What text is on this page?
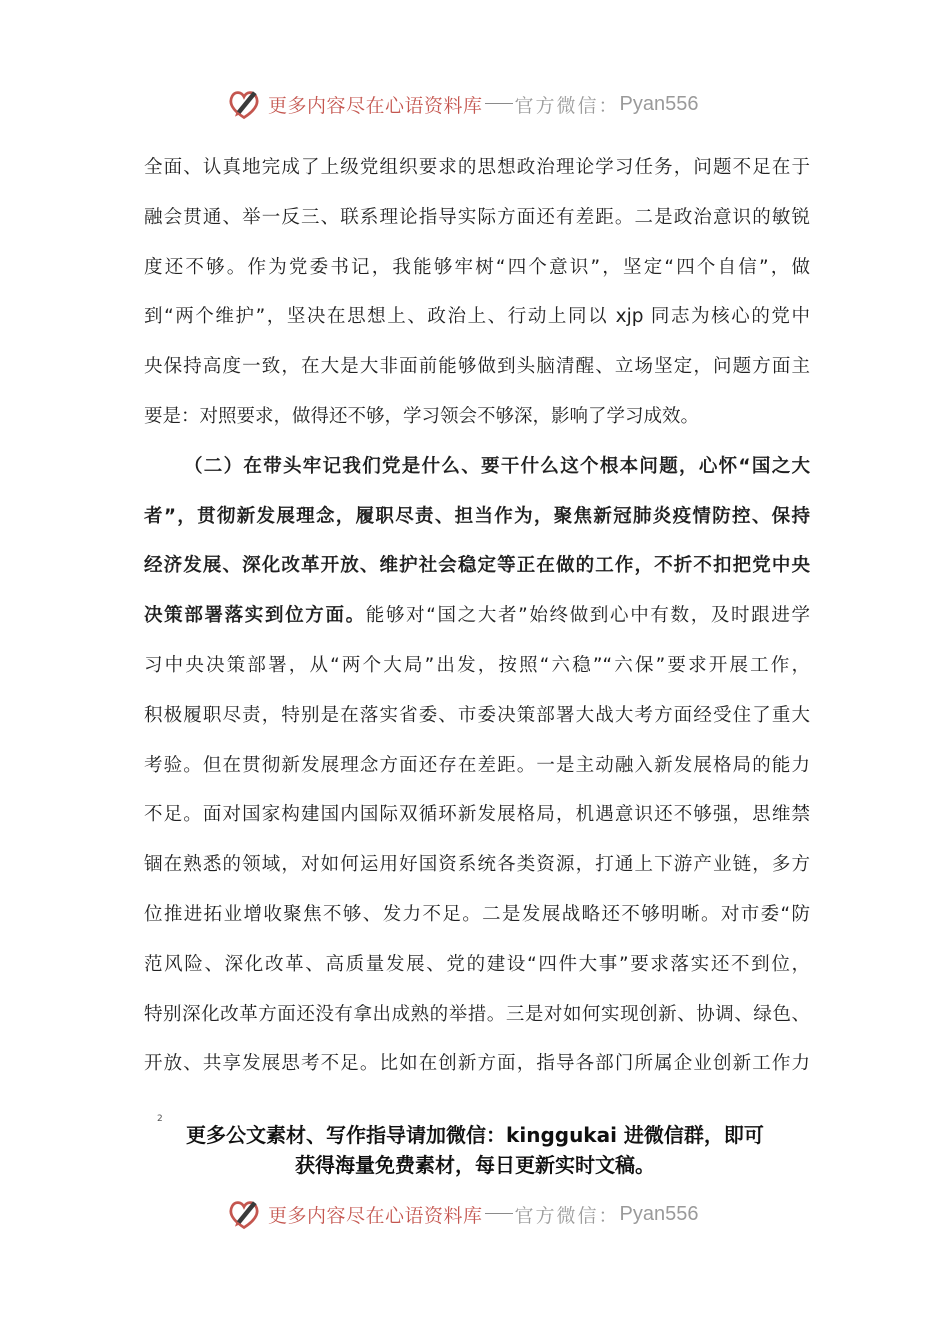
更多内容尽在心语资料库 官方微信： Pyan556
全面、认真地完成了上级党组织要求的思想政治理论学习任务，问题不足在于
融会贯通、举一反三、联系理论指导实际方面还有差距。二是政治意识的敏锐
度还不够。作为党委书记，我能够牢树“四个意识”，坚定“四个自信”，做
到“两个维护”，坚决在思想上、政治上、行动上同以 xjp 同志为核心的党中
央保持高度一致，在大是大非面前能够做到头脑清醒、立场坚定，问题方面主
要是：对照要求，做得还不够，学习领会不够深，影响了学习成效。
（二）在带头牢记我们党是什么、要干什么这个根本问题，心怀“国之大
者”，贯彻新发展理念，履职尽责、担当作为，聚焦新冠肺炎疫情防控、保持
经济发展、深化改革开放、维护社会稳定等正在做的工作，不折不扣把党中央
决策部署落实到位方面。能够对“国之大者”始终做到心中有数，及时跟进学
习中央决策部署，从“两个大局”出发，按照“六稳”“六保”要求开展工作，
积极履职尽责，特别是在落实省委、市委决策部署大战大考方面经受住了重大
考验。但在贯彻新发展理念方面还存在差距。一是主动融入新发展格局的能力
不足。面对国家构建国内国际双循环新发展格局，机遇意识还不够强，思维禁
锢在熟悉的领域，对如何运用好国资系统各类资源，打通上下游产业链，多方
位推进拓业增收聚焦不够、发力不足。二是发展战略还不够明晰。对市委“防
范风险、深化改革、高质量发展、党的建设“四件大事”要求落实还不到位，
特别深化改革方面还没有拿出成熟的举措。三是对如何实现创新、协调、绿色、
开放、共享发展思考不足。比如在创新方面，指导各部门所属企业创新工作力
2
更多公文素材、写作指导请加微信：kinggukai 进微信群，即可
获得海量免费素材，每日更新实时文稿。
更多内容尽在心语资料库 官方微信： Pyan556
